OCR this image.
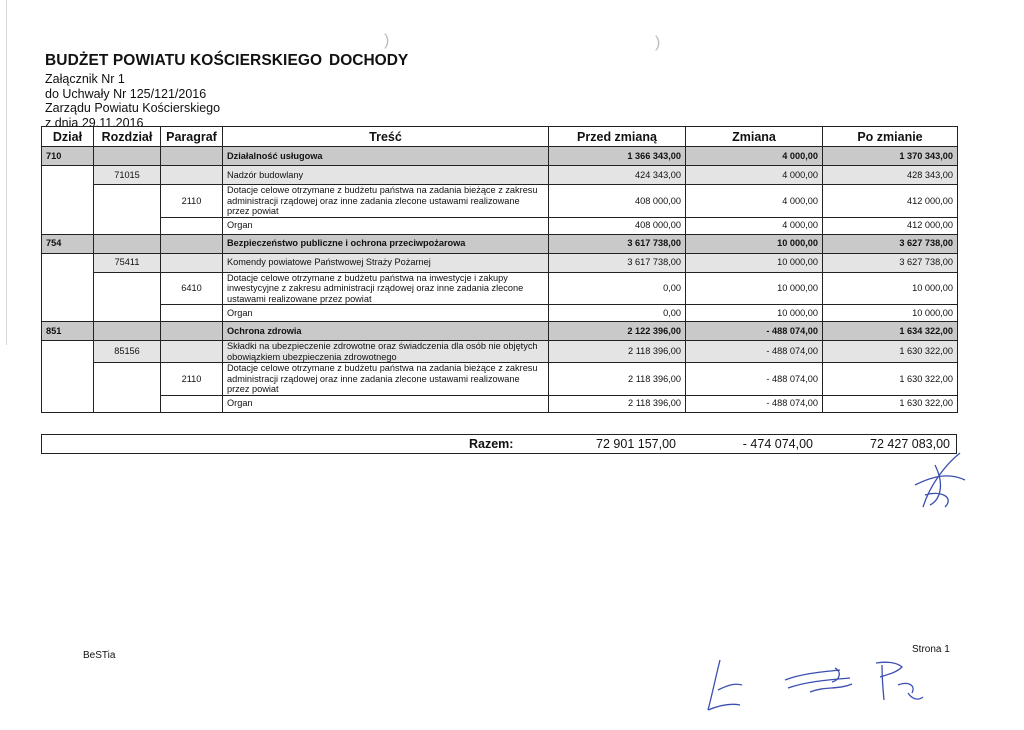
)	)
BUDŻET POWIATU KOŚCIERSKIEGO
Załącznik Nr 1
do Uchwały Nr 125/121/2016
Zarządu Powiatu Kościerskiego
z dnia 29.11.2016
DOCHODY
Dział	Rozdział	Paragraf	Treść	Przed zmianą	Zmiana	Po zmianie
710			Działalność usługowa	1 366 343,00	4 000,00	1 370 343,00
	71015		Nadzór budowlany	424 343,00	4 000,00	428 343,00
		2110	Dotacje celowe otrzymane z budżetu państwa na zadania bieżące z zakresu administracji rządowej oraz inne zadania zlecone ustawami realizowane przez powiat	408 000,00	4 000,00	412 000,00
			Organ	408 000,00	4 000,00	412 000,00
754			Bezpieczeństwo publiczne i ochrona przeciwpożarowa	3 617 738,00	10 000,00	3 627 738,00
	75411		Komendy powiatowe Państwowej Straży Pożarnej	3 617 738,00	10 000,00	3 627 738,00
		6410	Dotacje celowe otrzymane z budżetu państwa na inwestycje i zakupy inwestycyjne z zakresu administracji rządowej oraz inne zadania zlecone ustawami realizowane przez powiat	0,00	10 000,00	10 000,00
			Organ	0,00	10 000,00	10 000,00
851			Ochrona zdrowia	2 122 396,00	- 488 074,00	1 634 322,00
	85156		Składki na ubezpieczenie zdrowotne oraz świadczenia dla osób nie objętych obowiązkiem ubezpieczenia zdrowotnego	2 118 396,00	- 488 074,00	1 630 322,00
		2110	Dotacje celowe otrzymane z budżetu państwa na zadania bieżące z zakresu administracji rządowej oraz inne zadania zlecone ustawami realizowane przez powiat	2 118 396,00	- 488 074,00	1 630 322,00
			Organ	2 118 396,00	- 488 074,00	1 630 322,00
Razem:	72 901 157,00	- 474 074,00	72 427 083,00
BeSTia
Strona 1
